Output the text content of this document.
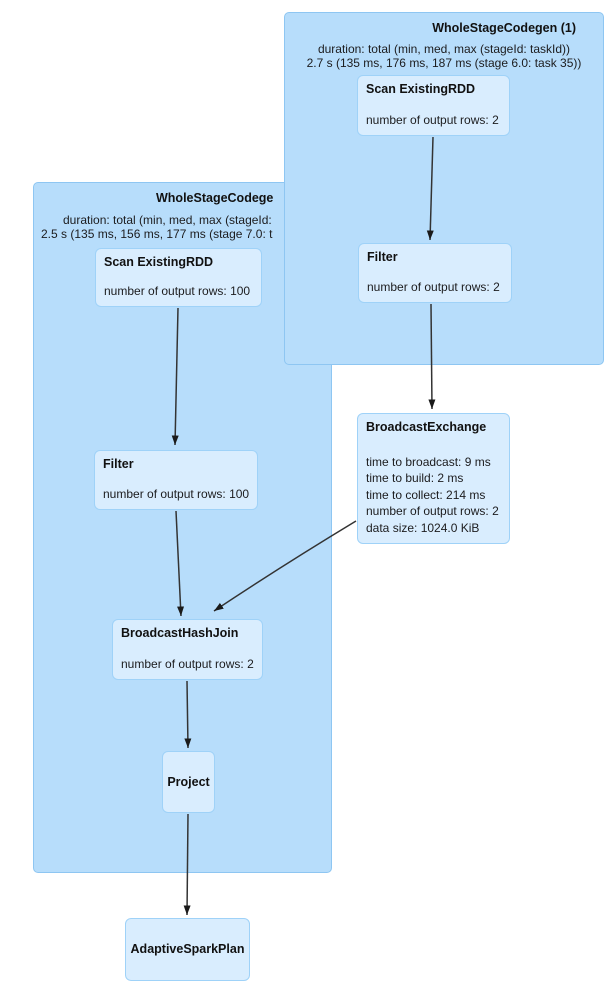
WholeStageCodege
duration: total (min, med, max (stageId:
2.5 s (135 ms, 156 ms, 177 ms (stage 7.0: t
WholeStageCodegen (1)
duration: total (min, med, max (stageId: taskId))
2.7 s (135 ms, 176 ms, 187 ms (stage 6.0: task 35))
Scan ExistingRDD
number of output rows: 2
Filter
number of output rows: 2
Scan ExistingRDD
number of output rows: 100
Filter
number of output rows: 100
BroadcastExchange
time to broadcast: 9 ms
time to build: 2 ms
time to collect: 214 ms
number of output rows: 2
data size: 1024.0 KiB
BroadcastHashJoin
number of output rows: 2
Project
AdaptiveSparkPlan
